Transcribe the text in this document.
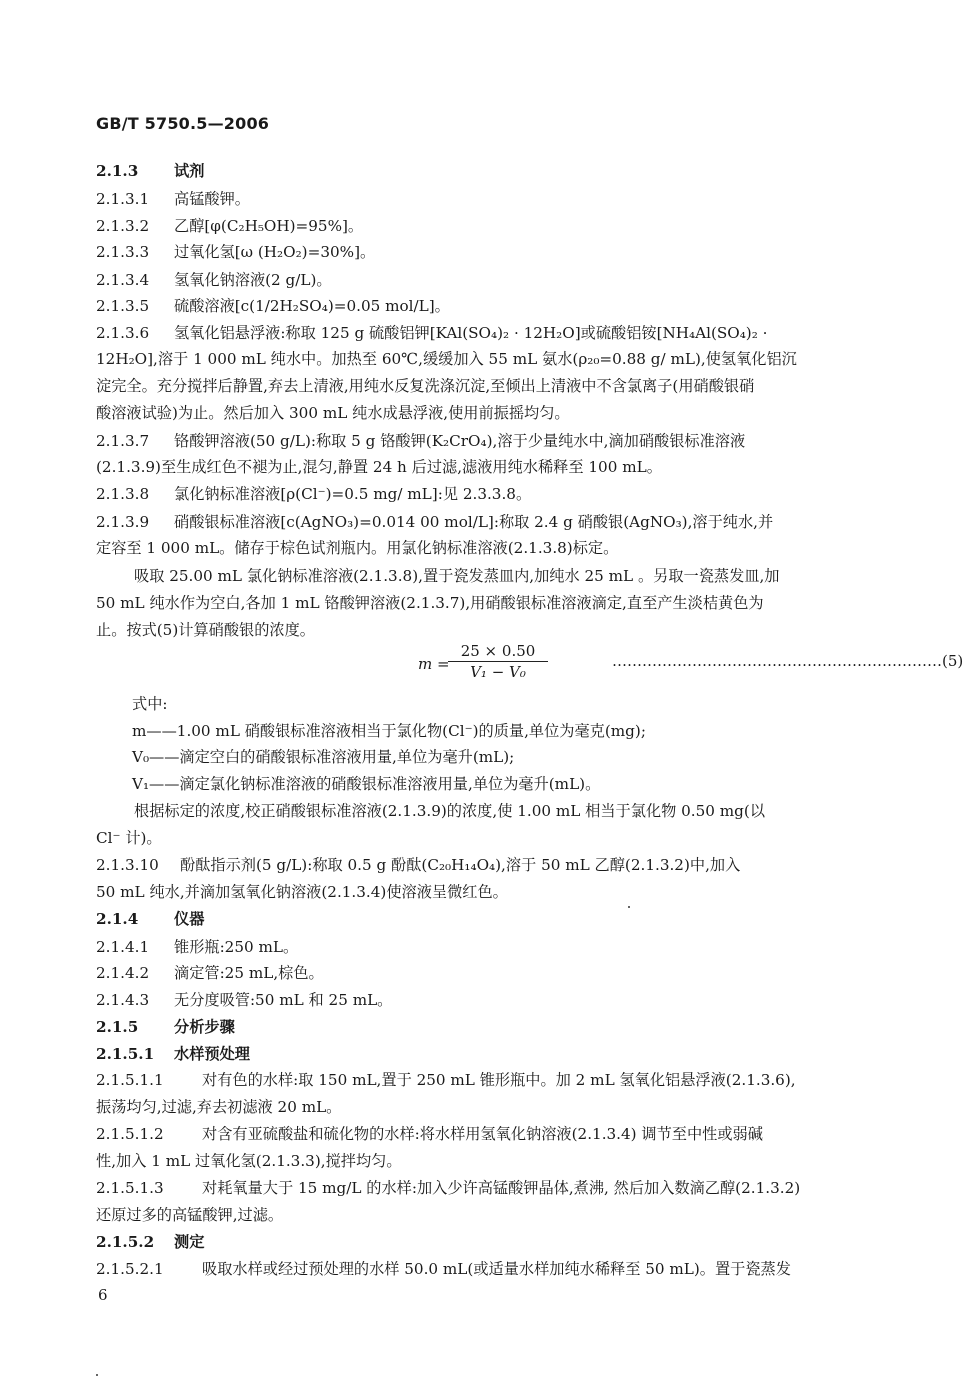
GB/T 5750.5—2006
2.1.3 试剂
2.1.3.1 高锰酸钾。
2.1.3.2 乙醇[φ(C₂H₅OH)=95%]。
2.1.3.3 过氧化氢[ω (H₂O₂)=30%]。
2.1.3.4 氢氧化钠溶液(2 g/L)。
2.1.3.5 硫酸溶液[c(1/2H₂SO₄)=0.05 mol/L]。
2.1.3.6 氢氧化铝悬浮液:称取 125 g 硫酸铝钾[KAl(SO₄)₂ · 12H₂O]或硫酸铝铵[NH₄Al(SO₄)₂ ·
12H₂O],溶于 1 000 mL 纯水中。加热至 60℃,缓缓加入 55 mL 氨水(ρ₂₀=0.88 g/ mL),使氢氧化铝沉
淀完全。充分搅拌后静置,弃去上清液,用纯水反复洗涤沉淀,至倾出上清液中不含氯离子(用硝酸银硝
酸溶液试验)为止。然后加入 300 mL 纯水成悬浮液,使用前振摇均匀。
2.1.3.7 铬酸钾溶液(50 g/L):称取 5 g 铬酸钾(K₂CrO₄),溶于少量纯水中,滴加硝酸银标准溶液
(2.1.3.9)至生成红色不褪为止,混匀,静置 24 h 后过滤,滤液用纯水稀释至 100 mL。
2.1.3.8 氯化钠标准溶液[ρ(Cl⁻)=0.5 mg/ mL]:见 2.3.3.8。
2.1.3.9 硝酸银标准溶液[c(AgNO₃)=0.014 00 mol/L]:称取 2.4 g 硝酸银(AgNO₃),溶于纯水,并
定容至 1 000 mL。储存于棕色试剂瓶内。用氯化钠标准溶液(2.1.3.8)标定。
吸取 25.00 mL 氯化钠标准溶液(2.1.3.8),置于瓷发蒸皿内,加纯水 25 mL 。另取一瓷蒸发皿,加
50 mL 纯水作为空白,各加 1 mL 铬酸钾溶液(2.1.3.7),用硝酸银标准溶液滴定,直至产生淡桔黄色为
止。按式(5)计算硝酸银的浓度。
m =
$\frac{25 \times 0.50}{\text{V₁ − V₀}}$	…………………………………………………………(5)
式中:
m——1.00 mL 硝酸银标准溶液相当于氯化物(Cl⁻)的质量,单位为毫克(mg);
V₀——滴定空白的硝酸银标准溶液用量,单位为毫升(mL);
V₁——滴定氯化钠标准溶液的硝酸银标准溶液用量,单位为毫升(mL)。
根据标定的浓度,校正硝酸银标准溶液(2.1.3.9)的浓度,使 1.00 mL 相当于氯化物 0.50 mg(以
Cl⁻ 计)。
2.1.3.10 酚酞指示剂(5 g/L):称取 0.5 g 酚酞(C₂₀H₁₄O₄),溶于 50 mL 乙醇(2.1.3.2)中,加入
50 mL 纯水,并滴加氢氧化钠溶液(2.1.3.4)使溶液呈微红色。
2.1.4 仪器
2.1.4.1 锥形瓶:250 mL。
2.1.4.2 滴定管:25 mL,棕色。
2.1.4.3 无分度吸管:50 mL 和 25 mL。
2.1.5 分析步骤
2.1.5.1 水样预处理
2.1.5.1.1	对有色的水样:取 150 mL,置于 250 mL 锥形瓶中。加 2 mL 氢氧化铝悬浮液(2.1.3.6),
振荡均匀,过滤,弃去初滤液 20 mL。
2.1.5.1.2	对含有亚硫酸盐和硫化物的水样:将水样用氢氧化钠溶液(2.1.3.4) 调节至中性或弱碱
性,加入 1 mL 过氧化氢(2.1.3.3),搅拌均匀。
2.1.5.1.3	对耗氧量大于 15 mg/L 的水样:加入少许高锰酸钾晶体,煮沸, 然后加入数滴乙醇(2.1.3.2)
还原过多的高锰酸钾,过滤。
2.1.5.2 测定
2.1.5.2.1	吸取水样或经过预处理的水样 50.0 mL(或适量水样加纯水稀释至 50 mL)。置于瓷蒸发
6
